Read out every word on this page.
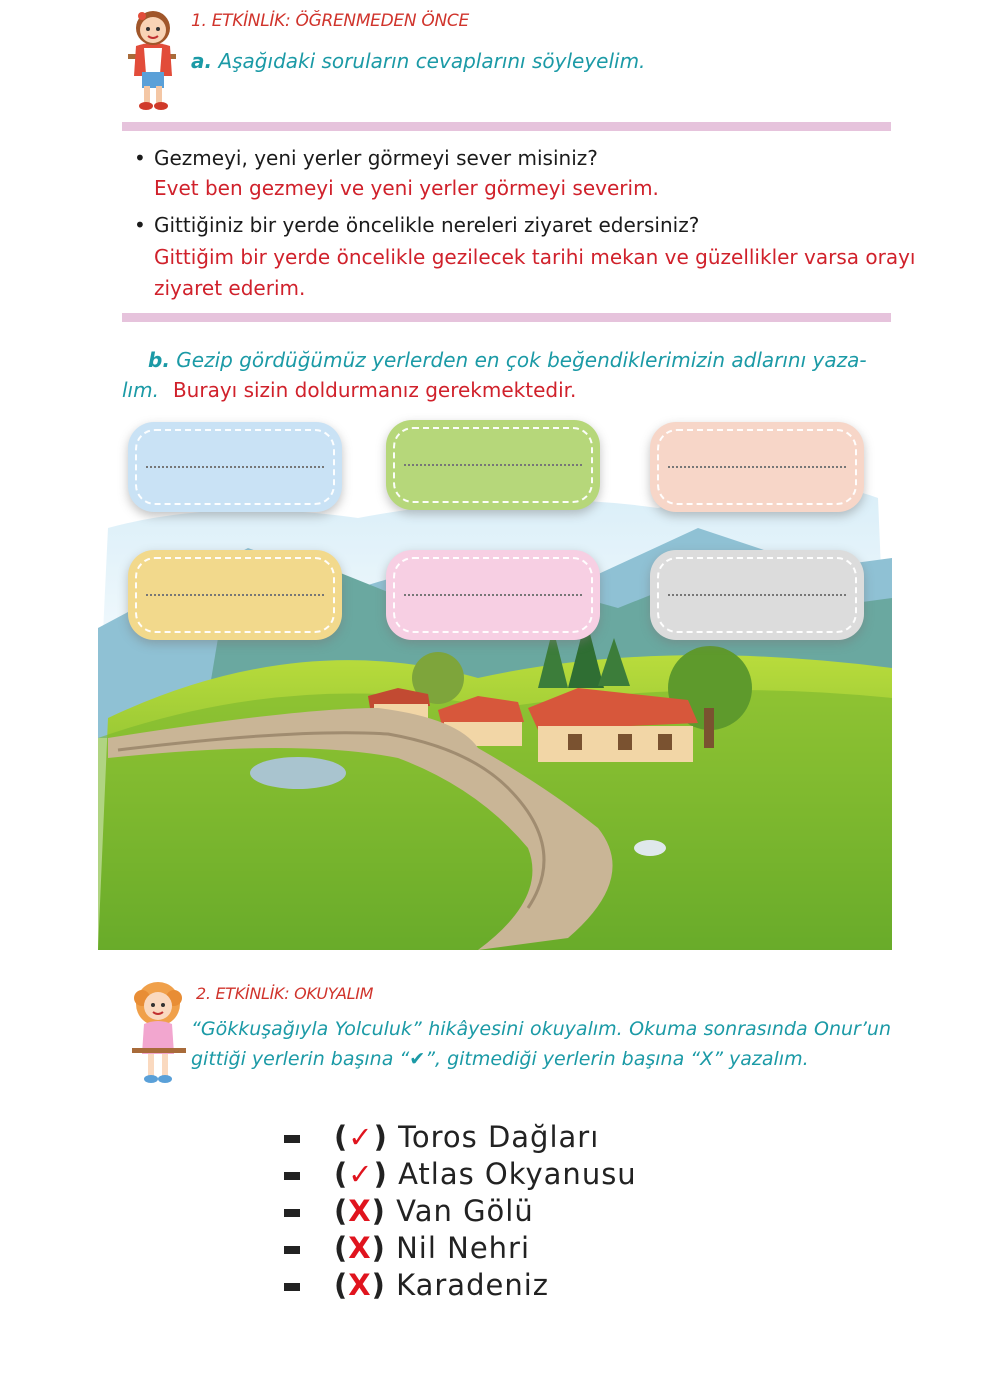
1. ETKİNLİK: ÖĞRENMEDEN ÖNCE
a. Aşağıdaki soruların cevaplarını söyleyelim.
• Gezmeyi, yeni yerler görmeyi sever misiniz?
Evet ben gezmeyi ve yeni yerler görmeyi severim.
• Gittiğiniz bir yerde öncelikle nereleri ziyaret edersiniz?
Gittiğim bir yerde öncelikle gezilecek tarihi mekan ve güzellikler varsa orayı
ziyaret ederim.
b. Gezip gördüğümüz yerlerden en çok beğendiklerimizin adlarını yaza-
lım. Burayı sizin doldurmanız gerekmektedir.
2. ETKİNLİK: OKUYALIM
“Gökkuşağıyla Yolculuk” hikâyesini okuyalım. Okuma sonrasında Onur’un gittiği yerlerin başına “✔”, gitmediği yerlerin başına “X” yazalım.
(✓) Toros Dağları
(✓) Atlas Okyanusu
(X) Van Gölü
(X) Nil Nehri
(X) Karadeniz
